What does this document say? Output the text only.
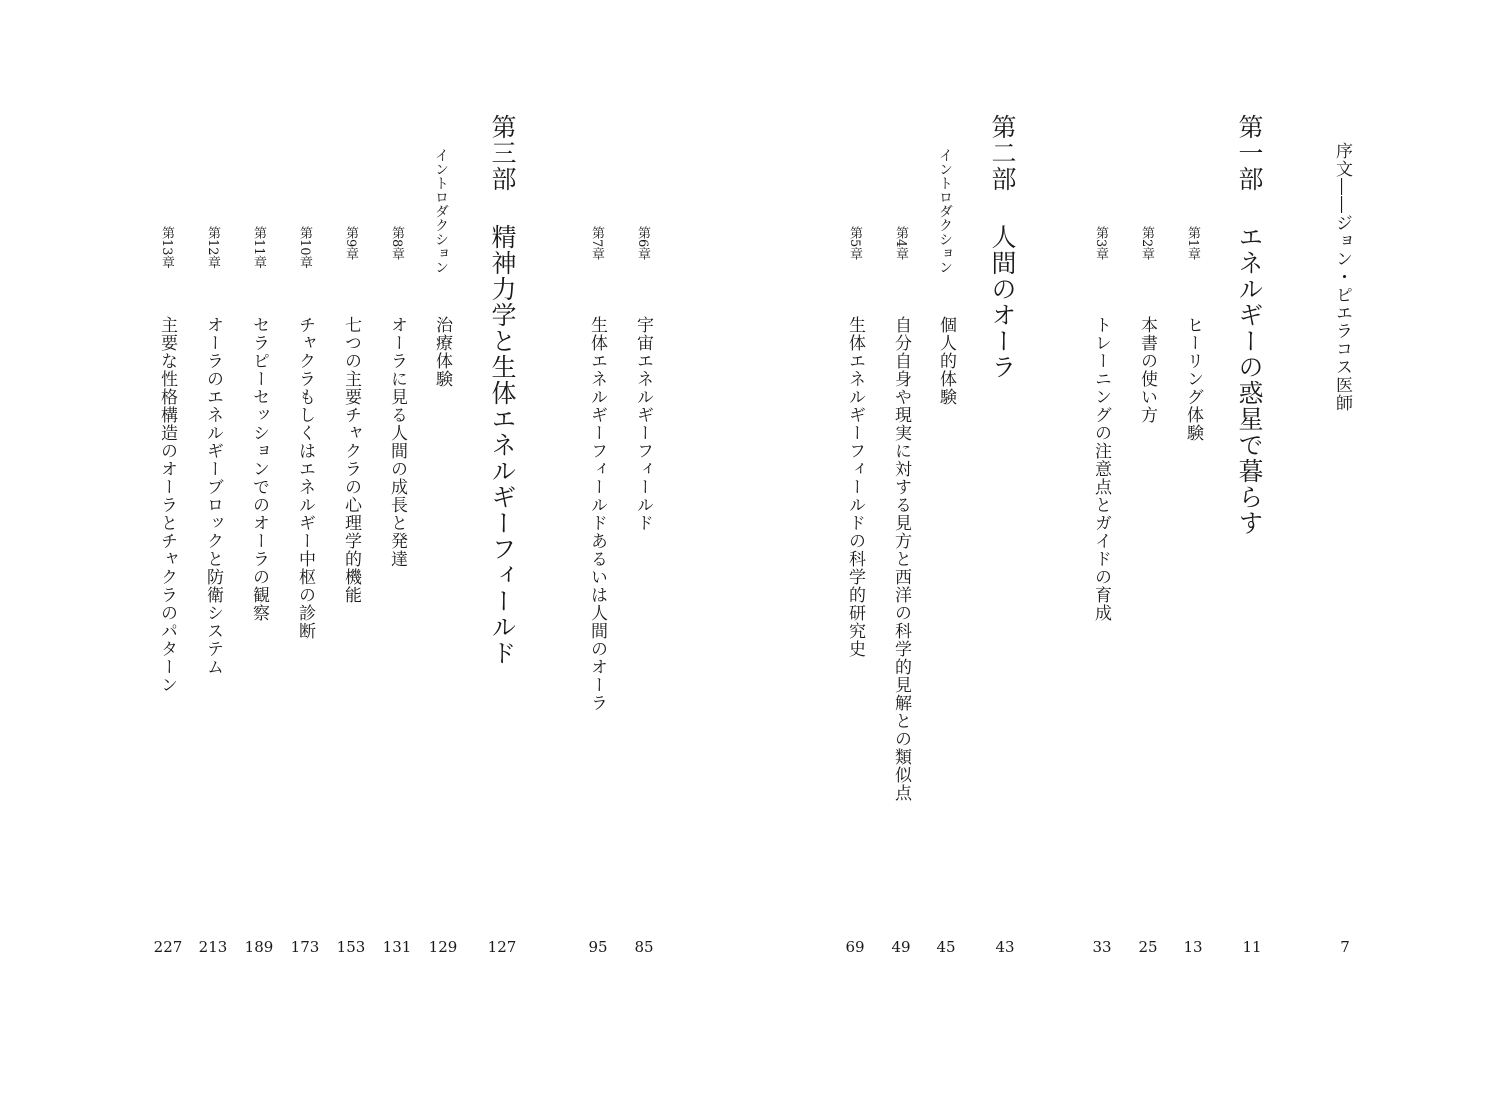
序文――ジョン・ピエラコス医師
7
第一部エネルギーの惑星で暮らす
11
第1章
ヒーリング体験
13
第2章
本書の使い方
25
第3章
トレーニングの注意点とガイドの育成
33
第二部人間のオーラ
43
イントロダクション
個人的体験
45
第4章
自分自身や現実に対する見方と西洋の科学的見解との類似点
49
第5章
生体エネルギーフィールドの科学的研究史
69
第6章
宇宙エネルギーフィールド
85
第7章
生体エネルギーフィールドあるいは人間のオーラ
95
第三部精神力学と生体エネルギーフィールド
127
イントロダクション
治療体験
129
第8章
オーラに見る人間の成長と発達
131
第9章
七つの主要チャクラの心理学的機能
153
第10章
チャクラもしくはエネルギー中枢の診断
173
第11章
セラピーセッションでのオーラの観察
189
第12章
オーラのエネルギーブロックと防衛システム
213
第13章
主要な性格構造のオーラとチャクラのパターン
227
